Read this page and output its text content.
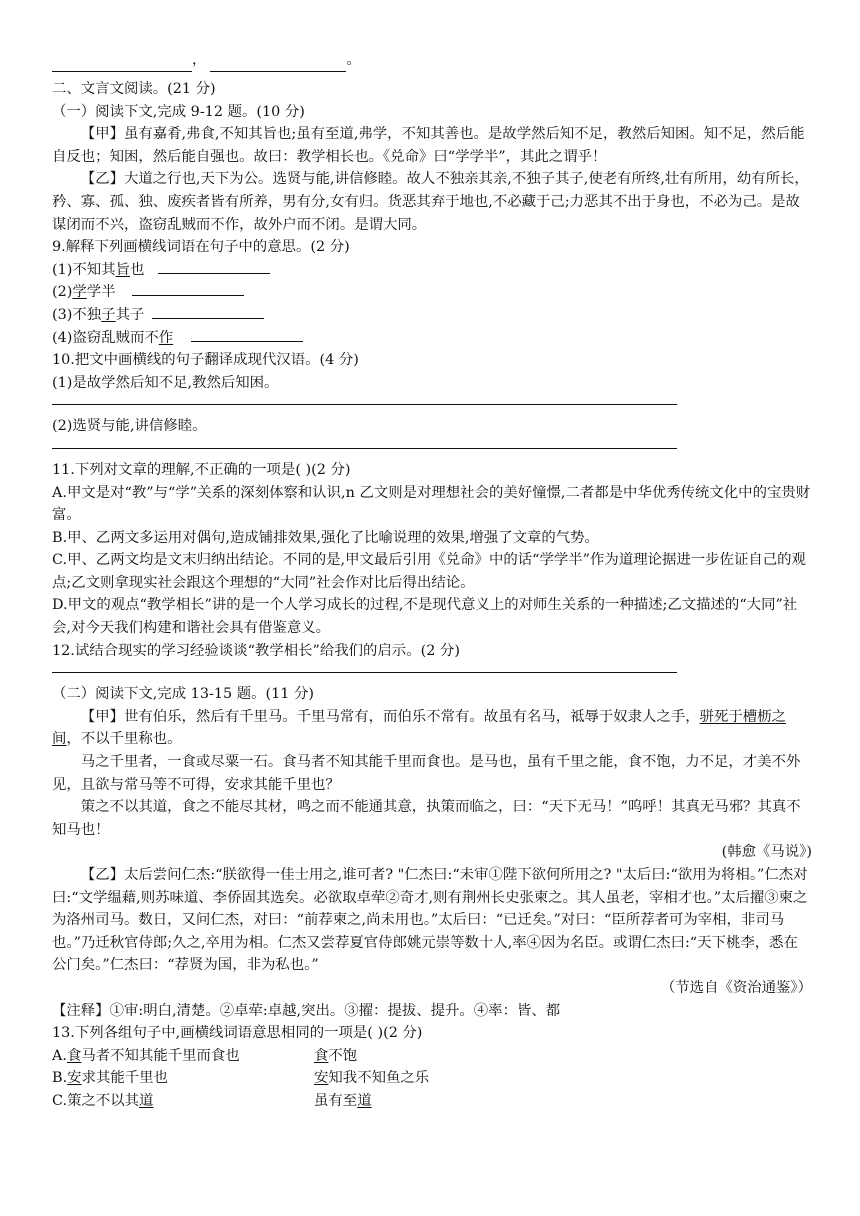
，	。

二、文言文阅读。(21 分)

（一）阅读下文,完成 9-12 题。(10 分)

【甲】虽有嘉肴,弗食,不知其旨也;虽有至道,弗学，不知其善也。是故学然后知不足，教然后知困。知不足，然后能自反也；知困，然后能自强也。故曰：教学相长也。《兑命》曰“学学半”，其此之谓乎！

【乙】大道之行也,天下为公。选贤与能,讲信修睦。故人不独亲其亲,不独子其子,使老有所终,壮有所用，幼有所长，矜、寡、孤、独、废疾者皆有所养，男有分,女有归。货恶其弃于地也,不必藏于己;力恶其不出于身也，不必为己。是故谋闭而不兴，盗窃乱贼而不作，故外户而不闭。是谓大同。

9.解释下列画横线词语在句子中的意思。(2 分)

(1)不知其旨也

(2)学学半

(3)不独子其子

(4)盗窃乱贼而不作

10.把文中画横线的句子翻译成现代汉语。(4 分)

(1)是故学然后知不足,教然后知困。

(2)选贤与能,讲信修睦。

11.下列对文章的理解,不正确的一项是( )(2 分)

A.甲文是对“教”与“学”关系的深刻体察和认识,n 乙文则是对理想社会的美好憧憬,二者都是中华优秀传统文化中的宝贵财富。

B.甲、乙两文多运用对偶句,造成铺排效果,强化了比喻说理的效果,增强了文章的气势。

C.甲、乙两文均是文末归纳出结论。不同的是,甲文最后引用《兑命》中的话“学学半”作为道理论据进一步佐证自己的观点;乙文则拿现实社会跟这个理想的“大同”社会作对比后得出结论。

D.甲文的观点“教学相长”讲的是一个人学习成长的过程,不是现代意义上的对师生关系的一种描述;乙文描述的“大同”社会,对今天我们构建和谐社会具有借鉴意义。

12.试结合现实的学习经验谈谈“教学相长”给我们的启示。(2 分)

（二）阅读下文,完成 13-15 题。(11 分)

【甲】世有伯乐，然后有千里马。千里马常有，而伯乐不常有。故虽有名马，祗辱于奴隶人之手，骈死于槽枥之间，不以千里称也。

马之千里者，一食或尽粟一石。食马者不知其能千里而食也。是马也，虽有千里之能，食不饱，力不足，才美不外见，且欲与常马等不可得，安求其能千里也？

策之不以其道，食之不能尽其材，鸣之而不能通其意，执策而临之，曰：“天下无马！”呜呼！其真无马邪？其真不知马也！

(韩愈《马说》)

【乙】太后尝问仁杰:“朕欲得一佳士用之,谁可者? "仁杰曰:“未审①陛下欲何所用之? "太后曰:“欲用为将相。”仁杰对曰:“文学缊藉,则苏味道、李侨固其选矣。必欲取卓荦②奇才,则有荆州长史张柬之。其人虽老，宰相才也。”太后擢③柬之为洛州司马。数日，又问仁杰，对曰：“前荐柬之,尚未用也。”太后曰：“已迁矣。”对曰：“臣所荐者可为宰相，非司马也。”乃迁秋官侍郎;久之,卒用为相。仁杰又尝荐夏官侍郎姚元崇等数十人,率④因为名臣。或谓仁杰曰:“天下桃李，悉在公门矣。”仁杰曰：“荐贤为国，非为私也。”

（节选自《资治通鉴》）

【注释】①审:明白,清楚。②卓荦:卓越,突出。③擢：提拔、提升。④率：皆、都

13.下列各组句子中,画横线词语意思相同的一项是( )(2 分)

A.食马者不知其能千里而食也	食不饱
B.安求其能千里也	安知我不知鱼之乐
C.策之不以其道	虽有至道
